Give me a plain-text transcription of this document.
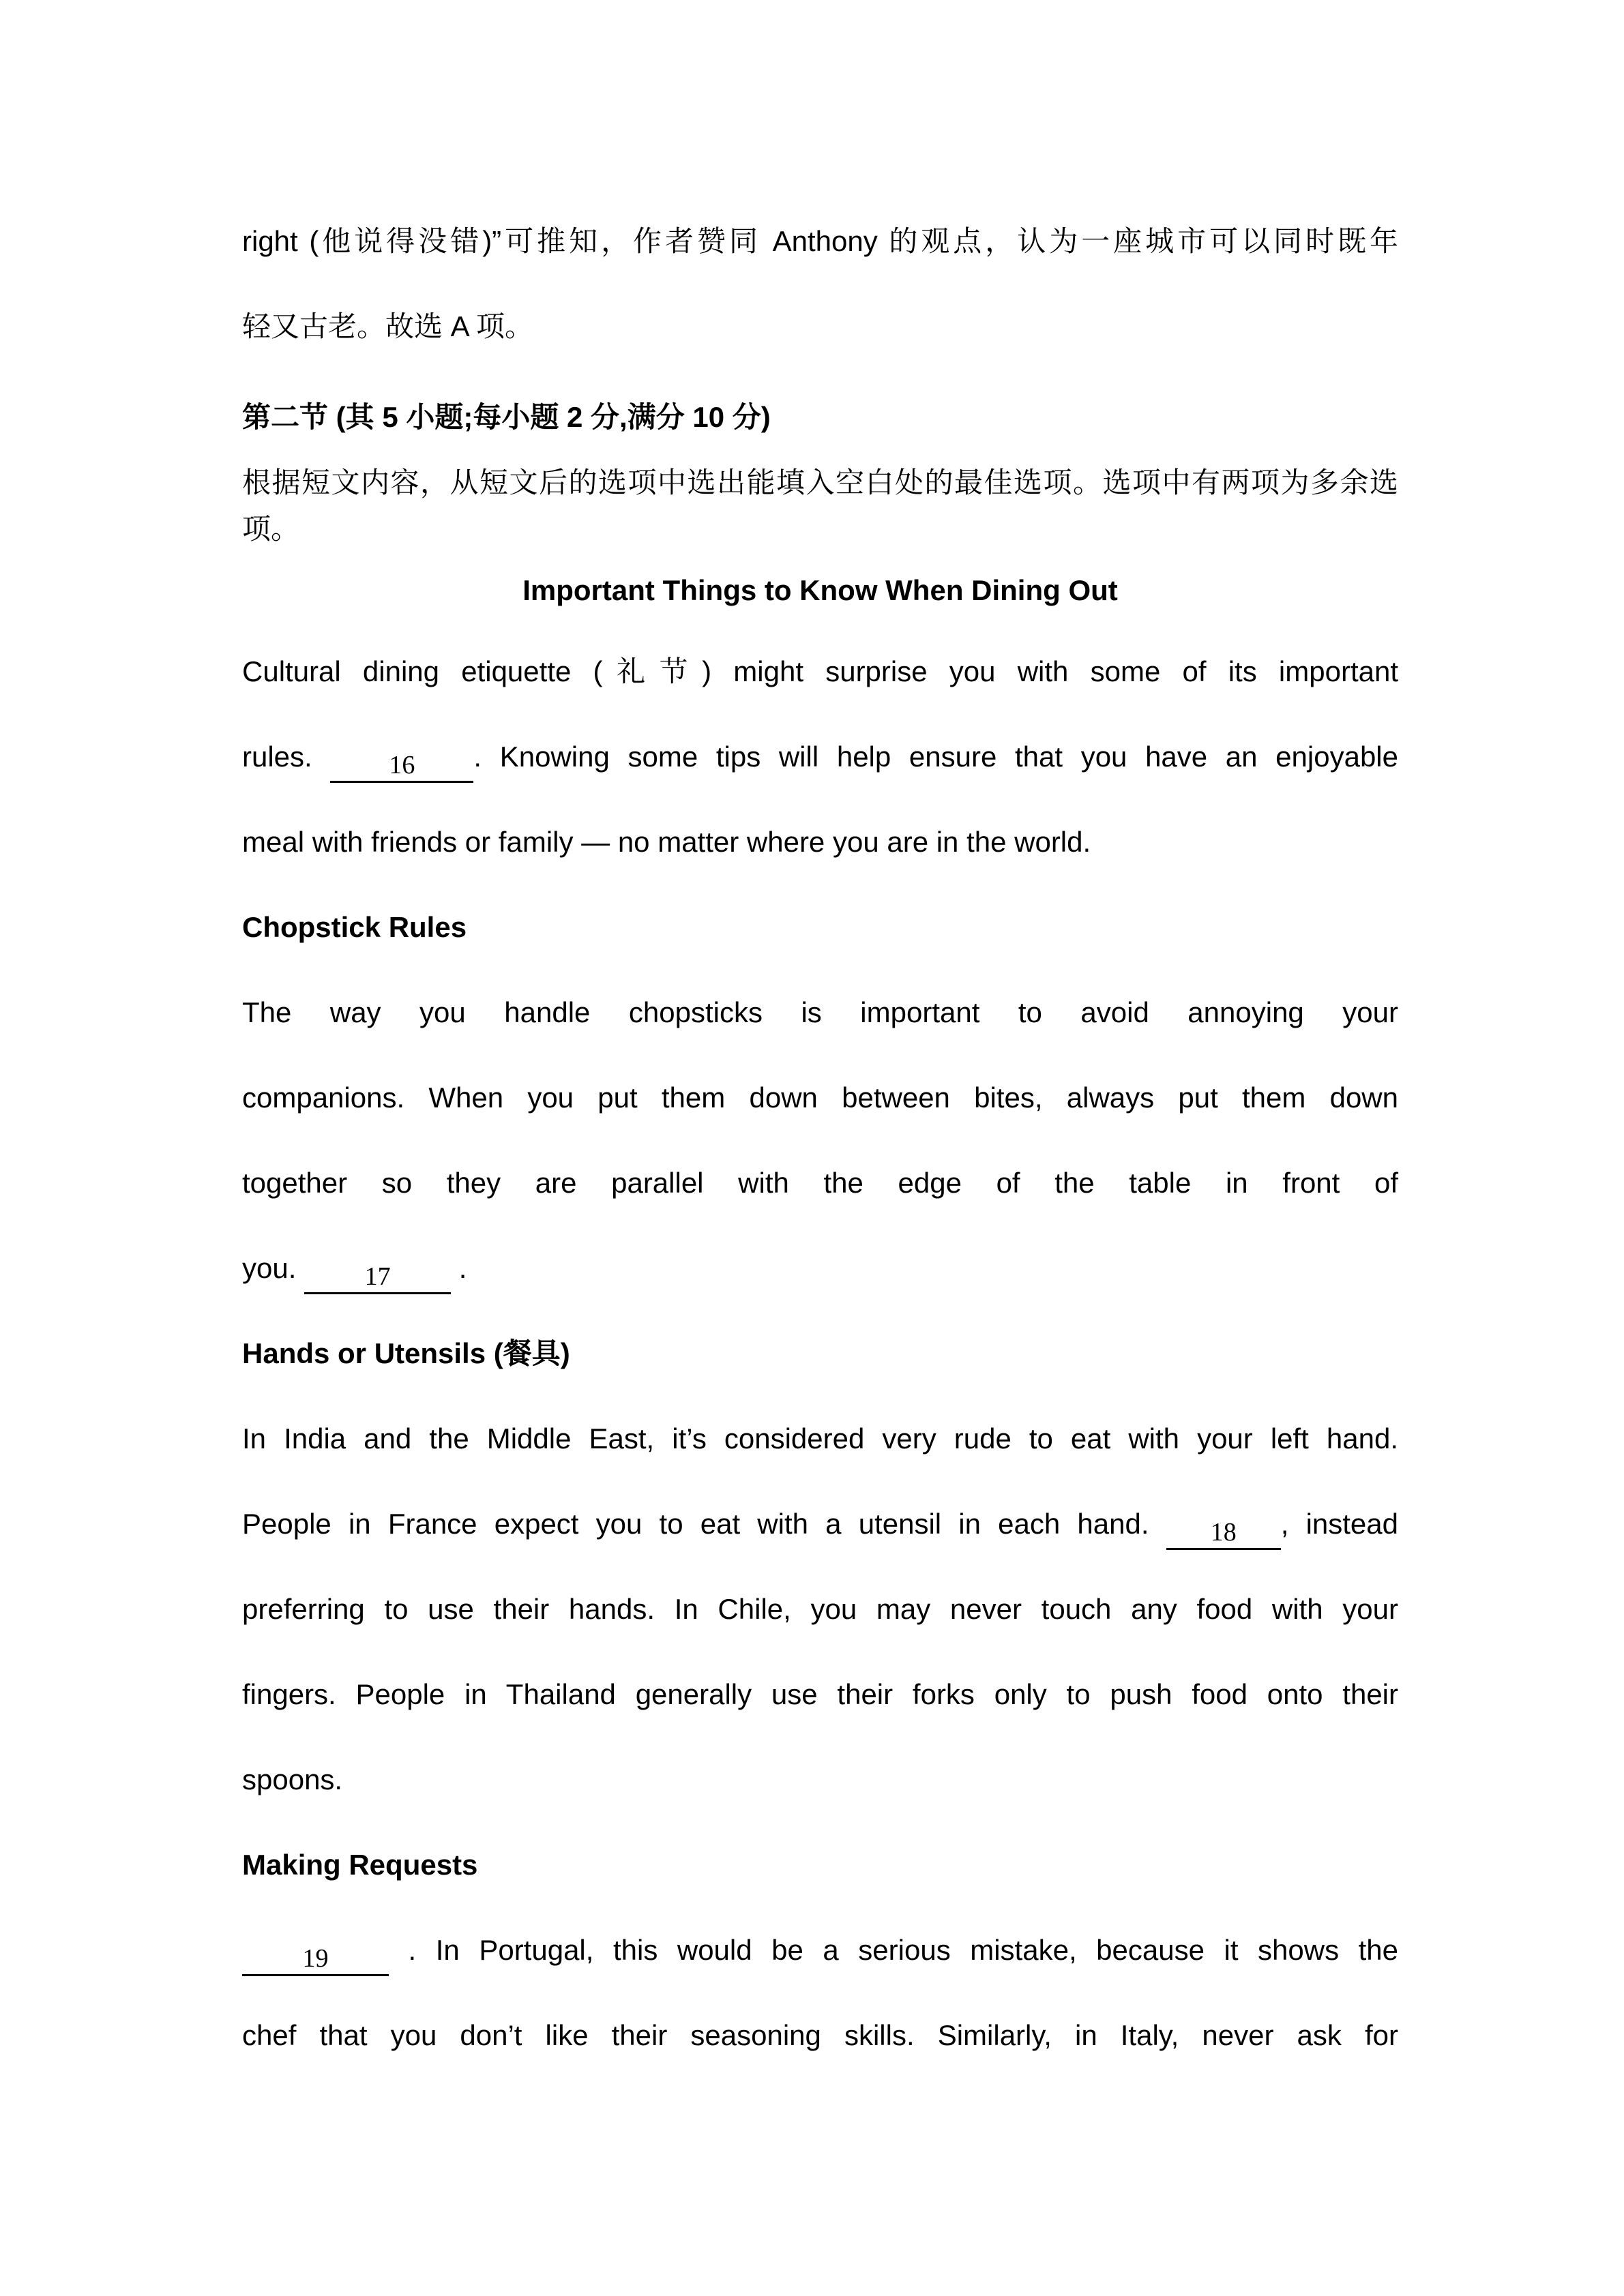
right (他说得没错)”可推知，作者赞同 Anthony 的观点，认为一座城市可以同时既年
轻又古老。故选 A 项。
第二节 (其 5 小题;每小题 2 分,满分 10 分)
根据短文内容，从短文后的选项中选出能填入空白处的最佳选项。选项中有两项为多余选
项。
Important Things to Know When Dining Out
Cultural dining etiquette (礼节) might surprise you with some of its important
rules. 16 . Knowing some tips will help ensure that you have an enjoyable
meal with friends or family — no matter where you are in the world.
Chopstick Rules
The way you handle chopsticks is important to avoid annoying your
companions. When you put them down between bites, always put them down
together so they are parallel with the edge of the table in front of
you. 17 .
Hands or Utensils (餐具)
In India and the Middle East, it’s considered very rude to eat with your left hand.
People in France expect you to eat with a utensil in each hand. 18 , instead
preferring to use their hands. In Chile, you may never touch any food with your
fingers. People in Thailand generally use their forks only to push food onto their
spoons.
Making Requests
19 . In Portugal, this would be a serious mistake, because it shows the
chef that you don’t like their seasoning skills. Similarly, in Italy, never ask for
